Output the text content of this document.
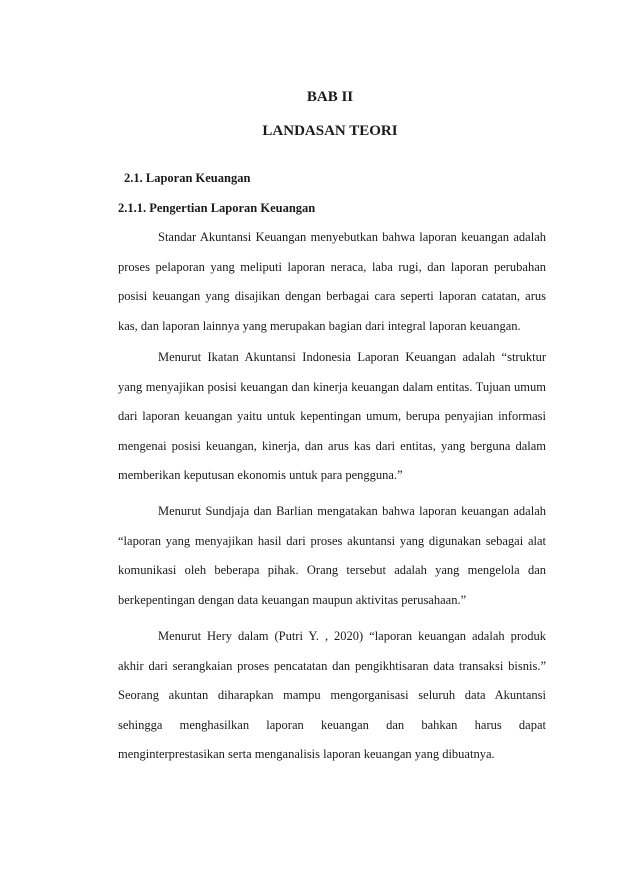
BAB II
LANDASAN TEORI
2.1. Laporan Keuangan
2.1.1. Pengertian Laporan Keuangan

Standar Akuntansi Keuangan menyebutkan bahwa laporan keuangan adalah proses pelaporan yang meliputi laporan neraca, laba rugi, dan laporan perubahan posisi keuangan yang disajikan dengan berbagai cara seperti laporan catatan, arus kas, dan laporan lainnya yang merupakan bagian dari integral laporan keuangan.

Menurut Ikatan Akuntansi Indonesia Laporan Keuangan adalah “struktur yang menyajikan posisi keuangan dan kinerja keuangan dalam entitas. Tujuan umum dari laporan keuangan yaitu untuk kepentingan umum, berupa penyajian informasi mengenai posisi keuangan, kinerja, dan arus kas dari entitas, yang berguna dalam memberikan keputusan ekonomis untuk para pengguna.”

Menurut Sundjaja dan Barlian mengatakan bahwa laporan keuangan adalah “laporan yang menyajikan hasil dari proses akuntansi yang digunakan sebagai alat komunikasi oleh beberapa pihak. Orang tersebut adalah yang mengelola dan berkepentingan dengan data keuangan maupun aktivitas perusahaan.”

Menurut Hery dalam (Putri Y. , 2020) “laporan keuangan adalah produk akhir dari serangkaian proses pencatatan dan pengikhtisaran data transaksi bisnis.” Seorang akuntan diharapkan mampu mengorganisasi seluruh data Akuntansi sehingga menghasilkan laporan keuangan dan bahkan harus dapat menginterprestasikan serta menganalisis laporan keuangan yang dibuatnya.
